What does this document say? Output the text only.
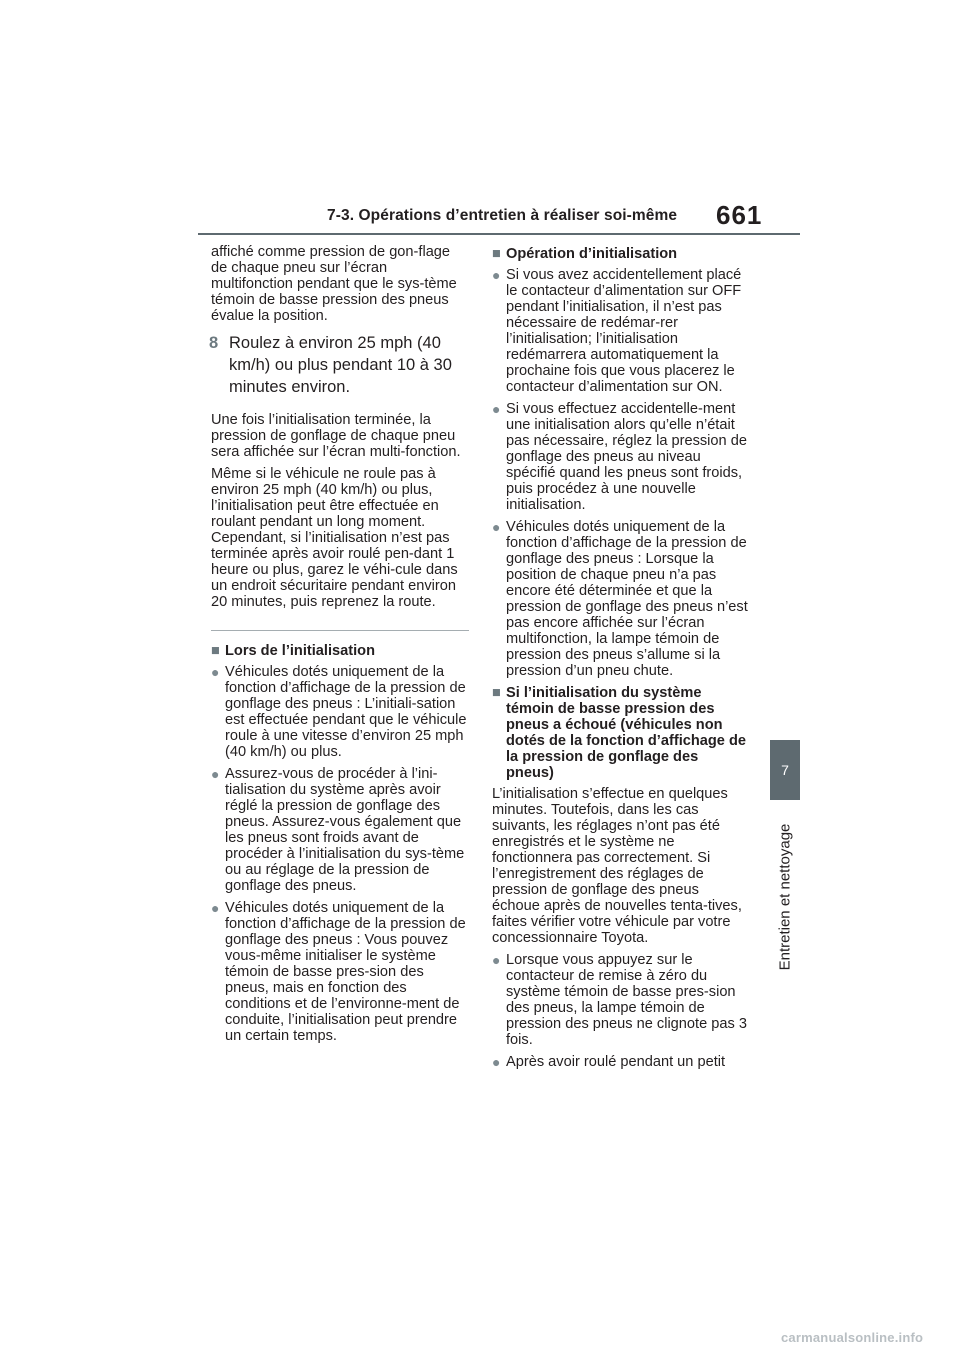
7-3. Opérations d’entretien à réaliser soi-même 661
7
Entretien et nettoyage

affiché comme pression de gon-flage de chaque pneu sur l’écran multifonction pendant que le sys-tème témoin de basse pression des pneus évalue la position.

8 Roulez à environ 25 mph (40 km/h) ou plus pendant 10 à 30 minutes environ.

Une fois l’initialisation terminée, la pression de gonflage de chaque pneu sera affichée sur l’écran multi-fonction.

Même si le véhicule ne roule pas à environ 25 mph (40 km/h) ou plus, l’initialisation peut être effectuée en roulant pendant un long moment. Cependant, si l’initialisation n’est pas terminée après avoir roulé pen-dant 1 heure ou plus, garez le véhi-cule dans un endroit sécuritaire pendant environ 20 minutes, puis reprenez la route.

■ Lors de l’initialisation
● Véhicules dotés uniquement de la fonction d’affichage de la pression de gonflage des pneus : L’initiali-sation est effectuée pendant que le véhicule roule à une vitesse d’environ 25 mph (40 km/h) ou plus.
● Assurez-vous de procéder à l’ini-tialisation du système après avoir réglé la pression de gonflage des pneus. Assurez-vous également que les pneus sont froids avant de procéder à l’initialisation du sys-tème ou au réglage de la pression de gonflage des pneus.
● Véhicules dotés uniquement de la fonction d’affichage de la pression de gonflage des pneus : Vous pouvez vous-même initialiser le système témoin de basse pres-sion des pneus, mais en fonction des conditions et de l’environne-ment de conduite, l’initialisation peut prendre un certain temps.
■ Opération d’initialisation
● Si vous avez accidentellement placé le contacteur d’alimentation sur OFF pendant l’initialisation, il n’est pas nécessaire de redémar-rer l’initialisation; l’initialisation redémarrera automatiquement la prochaine fois que vous placerez le contacteur d’alimentation sur ON.
● Si vous effectuez accidentelle-ment une initialisation alors qu’elle n’était pas nécessaire, réglez la pression de gonflage des pneus au niveau spécifié quand les pneus sont froids, puis procédez à une nouvelle initialisation.
● Véhicules dotés uniquement de la fonction d’affichage de la pression de gonflage des pneus : Lorsque la position de chaque pneu n’a pas encore été déterminée et que la pression de gonflage des pneus n’est pas encore affichée sur l’écran multifonction, la lampe témoin de pression des pneus s’allume si la pression d’un pneu chute.
■ Si l’initialisation du système témoin de basse pression des pneus a échoué (véhicules non dotés de la fonction d’affichage de la pression de gonflage des pneus)

L’initialisation s’effectue en quelques minutes. Toutefois, dans les cas suivants, les réglages n’ont pas été enregistrés et le système ne fonctionnera pas correctement. Si l’enregistrement des réglages de pression de gonflage des pneus échoue après de nouvelles tenta-tives, faites vérifier votre véhicule par votre concessionnaire Toyota.

● Lorsque vous appuyez sur le contacteur de remise à zéro du système témoin de basse pres-sion des pneus, la lampe témoin de pression des pneus ne clignote pas 3 fois.
● Après avoir roulé pendant un petit
carmanualsonline.info
